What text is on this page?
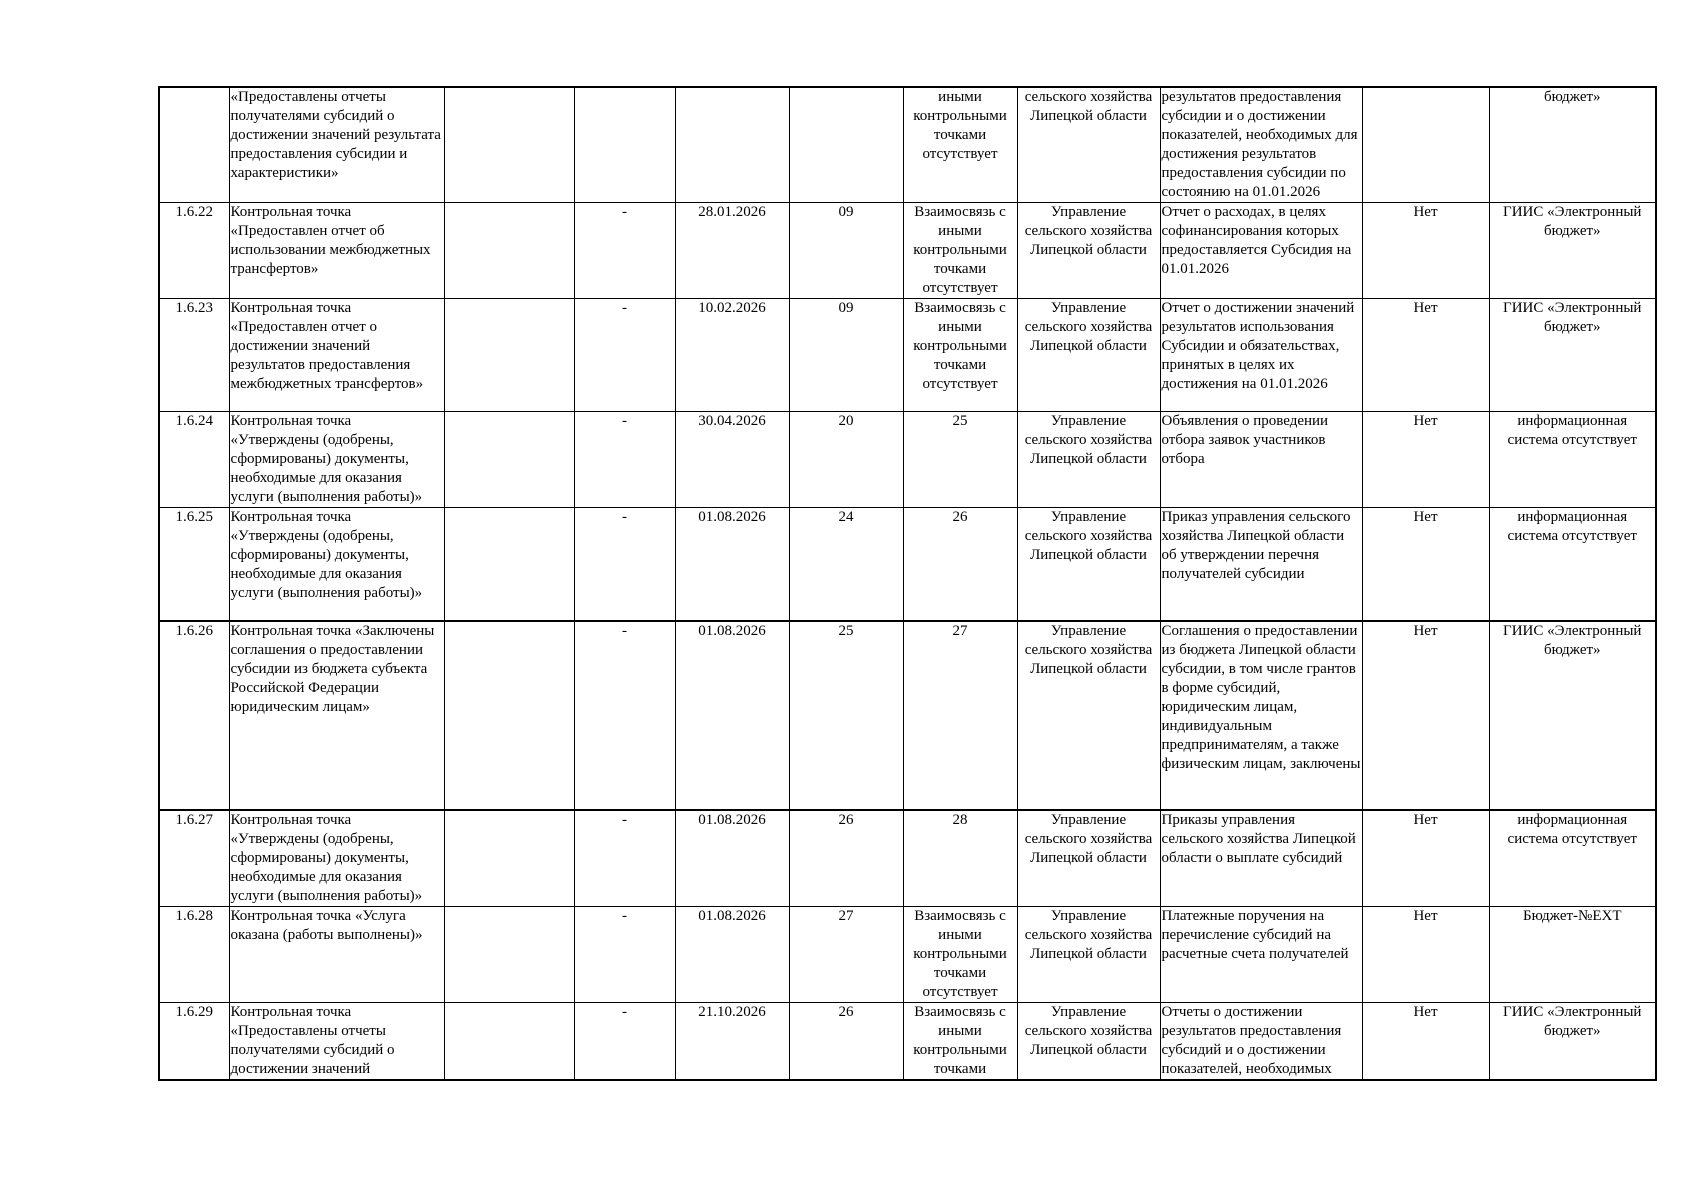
	«Предоставлены отчеты получателями субсидий о достижении значений результата предоставления субсидии и характеристики»					иными контрольными точками отсутствует	сельского хозяйства Липецкой области	результатов предоставления субсидии и о достижении показателей, необходимых для достижения результатов предоставления субсидии по состоянию на 01.01.2026		бюджет»
1.6.22	Контрольная точка «Предоставлен отчет об использовании межбюджетных трансфертов»		-	28.01.2026	09	Взаимосвязь с иными контрольными точками отсутствует	Управление сельского хозяйства Липецкой области	Отчет о расходах, в целях софинансирования которых предоставляется Субсидия на 01.01.2026	Нет	ГИИС «Электронный бюджет»
1.6.23	Контрольная точка «Предоставлен отчет о достижении значений результатов предоставления межбюджетных трансфертов»		-	10.02.2026	09	Взаимосвязь с иными контрольными точками отсутствует	Управление сельского хозяйства Липецкой области	Отчет о достижении значений результатов использования Субсидии и обязательствах, принятых в целях их достижения на 01.01.2026	Нет	ГИИС «Электронный бюджет»
1.6.24	Контрольная точка «Утверждены (одобрены, сформированы) документы, необходимые для оказания услуги (выполнения работы)»		-	30.04.2026	20	25	Управление сельского хозяйства Липецкой области	Объявления о проведении отбора заявок участников отбора	Нет	информационная система отсутствует
1.6.25	Контрольная точка «Утверждены (одобрены, сформированы) документы, необходимые для оказания услуги (выполнения работы)»		-	01.08.2026	24	26	Управление сельского хозяйства Липецкой области	Приказ управления сельского хозяйства Липецкой области об утверждении перечня получателей субсидии	Нет	информационная система отсутствует
1.6.26	Контрольная точка «Заключены соглашения о предоставлении субсидии из бюджета субъекта Российской Федерации юридическим лицам»		-	01.08.2026	25	27	Управление сельского хозяйства Липецкой области	Соглашения о предоставлении из бюджета Липецкой области субсидии, в том числе грантов в форме субсидий, юридическим лицам, индивидуальным предпринимателям, а также физическим лицам, заключены	Нет	ГИИС «Электронный бюджет»
1.6.27	Контрольная точка «Утверждены (одобрены, сформированы) документы, необходимые для оказания услуги (выполнения работы)»		-	01.08.2026	26	28	Управление сельского хозяйства Липецкой области	Приказы управления сельского хозяйства Липецкой области о выплате субсидий	Нет	информационная система отсутствует
1.6.28	Контрольная точка «Услуга оказана (работы выполнены)»		-	01.08.2026	27	Взаимосвязь с иными контрольными точками отсутствует	Управление сельского хозяйства Липецкой области	Платежные поручения на перечисление субсидий на расчетные счета получателей	Нет	Бюджет-№EXT
1.6.29	Контрольная точка «Предоставлены отчеты получателями субсидий о достижении значений		-	21.10.2026	26	Взаимосвязь с иными контрольными точками	Управление сельского хозяйства Липецкой области	Отчеты о достижении результатов предоставления субсидий и о достижении показателей, необходимых	Нет	ГИИС «Электронный бюджет»
